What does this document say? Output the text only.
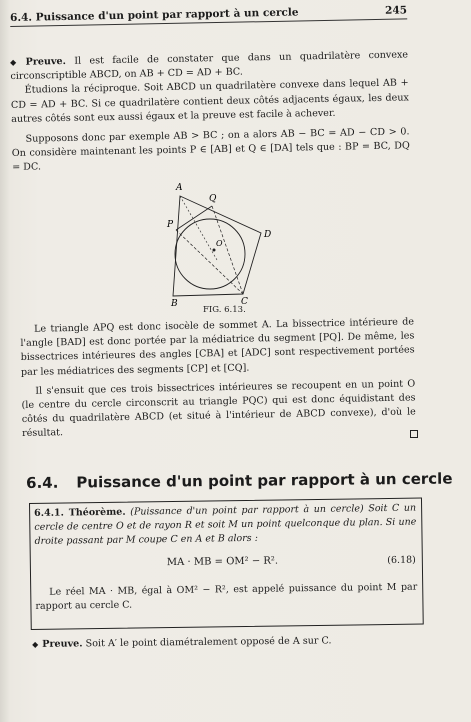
6.4. Puissance d'un point par rapport à un cercle	245

◆ Preuve. Il est facile de constater que dans un quadrilatère convexe circonscriptible ABCD, on AB + CD = AD + BC.

Étudions la réciproque. Soit ABCD un quadrilatère convexe dans lequel AB + CD = AD + BC. Si ce quadrilatère contient deux côtés adjacents égaux, les deux autres côtés sont eux aussi égaux et la preuve est facile à achever.

Supposons donc par exemple AB > BC ; on a alors AB − BC = AD − CD > 0. On considère maintenant les points P ∈ [AB] et Q ∈ [DA] tels que : BP = BC, DQ = DC.

A
P
Q
D
O
B	C
FIG. 6.13.

Le triangle APQ est donc isocèle de sommet A. La bissectrice intérieure de l'angle [BAD] est donc portée par la médiatrice du segment [PQ]. De même, les bissectrices intérieures des angles [CBA] et [ADC] sont respectivement portées par les médiatrices des segments [CP] et [CQ].

Il s'ensuit que ces trois bissectrices intérieures se recoupent en un point O (le centre du cercle circonscrit au triangle PQC) qui est donc équidistant des côtés du quadrilatère ABCD (et situé à l'intérieur de ABCD convexe), d'où le résultat.

6.4. Puissance d'un point par rapport à un cercle
6.4.1. Théorème. (Puissance d'un point par rapport à un cercle) Soit C un cercle de centre O et de rayon R et soit M un point quelconque du plan. Si une droite passant par M coupe C en A et B alors :
MA · MB = OM² − R².	(6.18)

Le réel MA · MB, égal à OM² − R², est appelé puissance du point M par rapport au cercle C.

◆ Preuve. Soit A′ le point diamétralement opposé de A sur C.
